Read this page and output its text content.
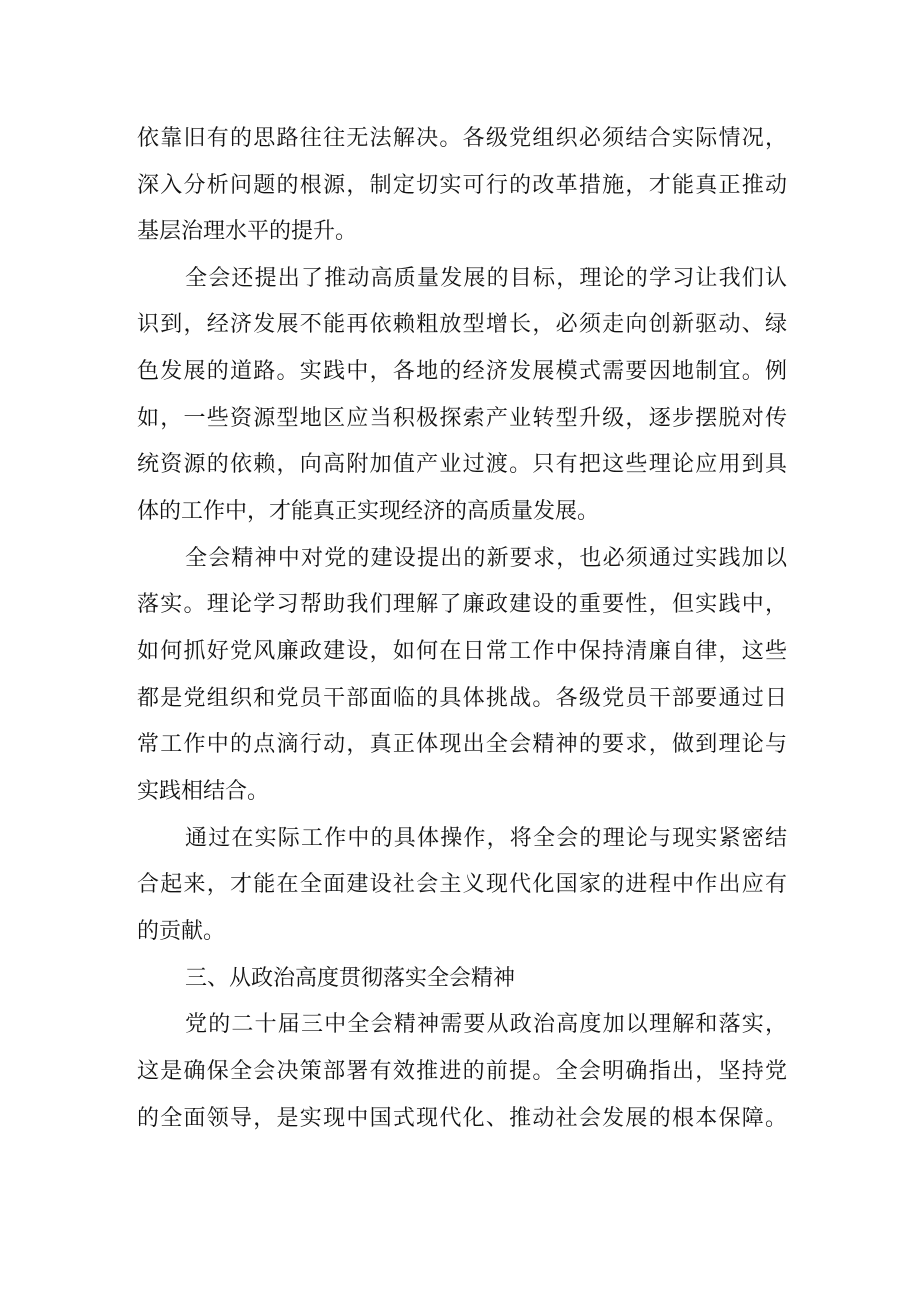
依靠旧有的思路往往无法解决。各级党组织必须结合实际情况，
深入分析问题的根源，制定切实可行的改革措施，才能真正推动
基层治理水平的提升。
全会还提出了推动高质量发展的目标，理论的学习让我们认
识到，经济发展不能再依赖粗放型增长，必须走向创新驱动、绿
色发展的道路。实践中，各地的经济发展模式需要因地制宜。例
如，一些资源型地区应当积极探索产业转型升级，逐步摆脱对传
统资源的依赖，向高附加值产业过渡。只有把这些理论应用到具
体的工作中，才能真正实现经济的高质量发展。
全会精神中对党的建设提出的新要求，也必须通过实践加以
落实。理论学习帮助我们理解了廉政建设的重要性，但实践中，
如何抓好党风廉政建设，如何在日常工作中保持清廉自律，这些
都是党组织和党员干部面临的具体挑战。各级党员干部要通过日
常工作中的点滴行动，真正体现出全会精神的要求，做到理论与
实践相结合。
通过在实际工作中的具体操作，将全会的理论与现实紧密结
合起来，才能在全面建设社会主义现代化国家的进程中作出应有
的贡献。
三、从政治高度贯彻落实全会精神
党的二十届三中全会精神需要从政治高度加以理解和落实，
这是确保全会决策部署有效推进的前提。全会明确指出，坚持党
的全面领导，是实现中国式现代化、推动社会发展的根本保障。
